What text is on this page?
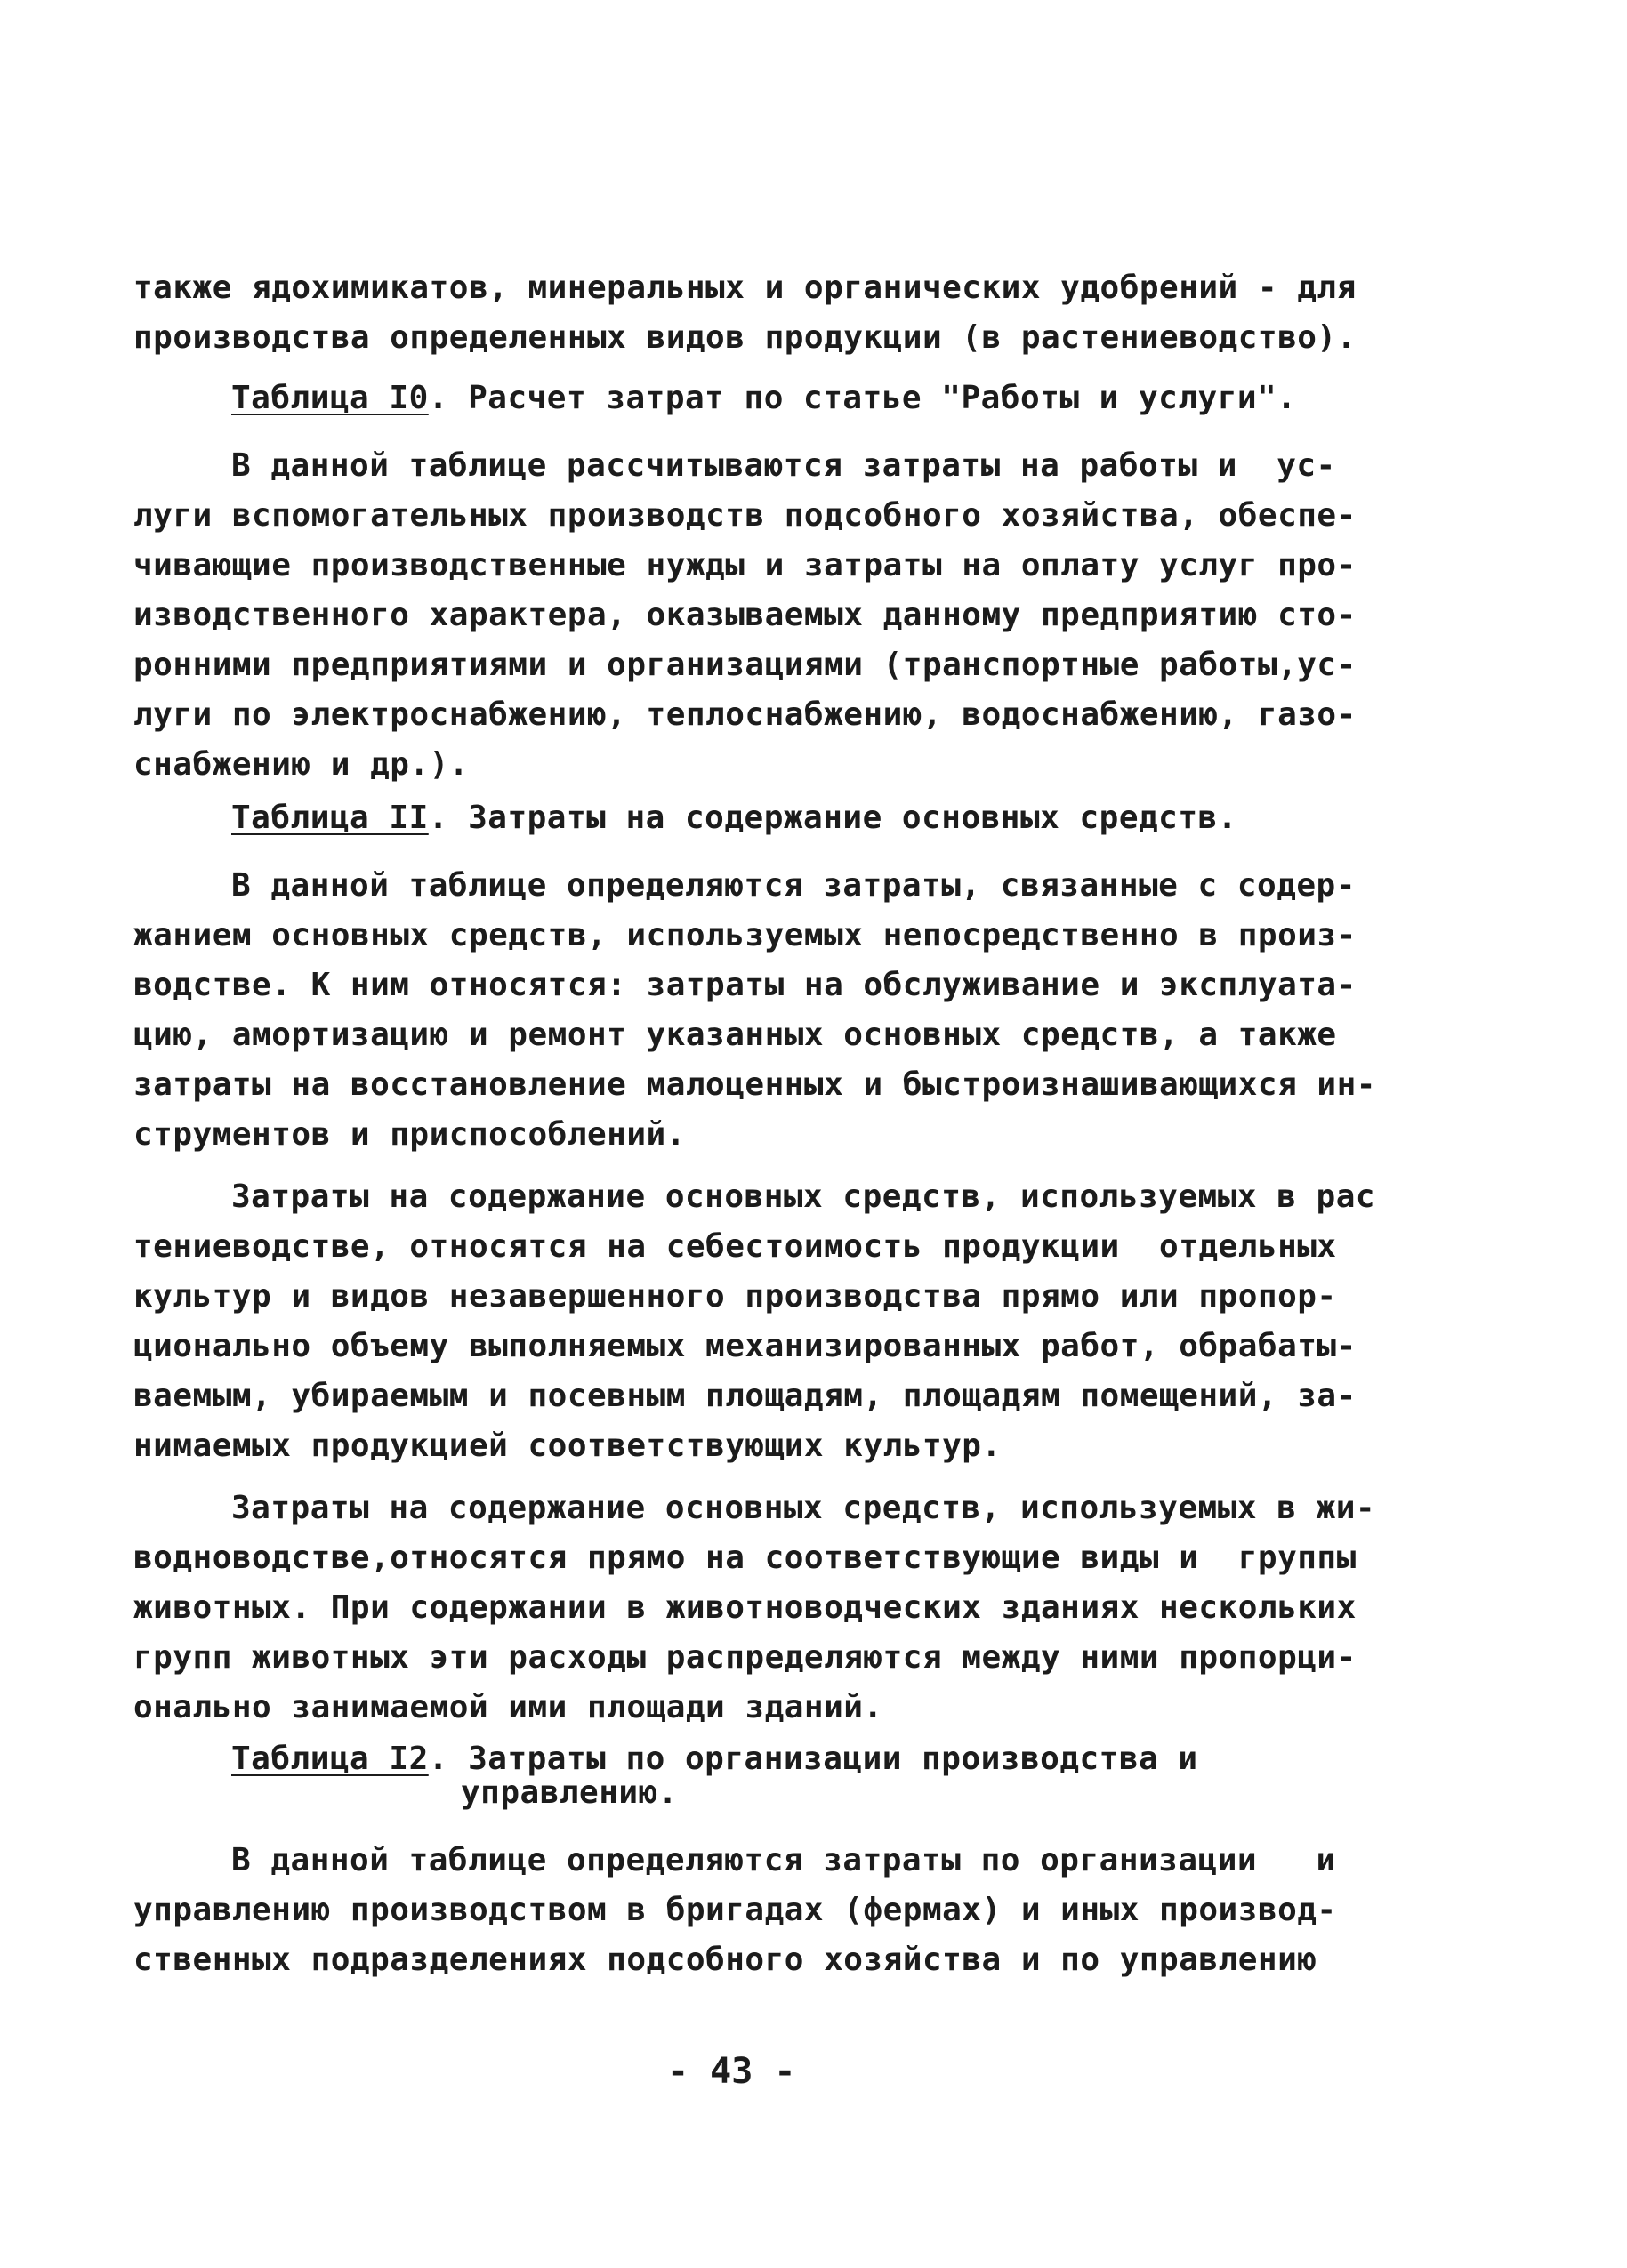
также ядохимикатов, минеральных и органических удобрений - для
производства определенных видов продукции (в растениеводство).
Таблица I0. Расчет затрат по статье "Работы и услуги".
В данной таблице рассчитываются затраты на работы и  ус-
луги вспомогательных производств подсобного хозяйства, обеспе-
чивающие производственные нужды и затраты на оплату услуг про-
изводственного характера, оказываемых данному предприятию сто-
ронними предприятиями и организациями (транспортные работы,ус-
луги по электроснабжению, теплоснабжению, водоснабжению, газо-
снабжению и др.).
Таблица II. Затраты на содержание основных средств.
В данной таблице определяются затраты, связанные с содер-
жанием основных средств, используемых непосредственно в произ-
водстве. К ним относятся: затраты на обслуживание и эксплуата-
цию, амортизацию и ремонт указанных основных средств, а также
затраты на восстановление малоценных и быстроизнашивающихся ин-
струментов и приспособлений.
Затраты на содержание основных средств, используемых в рас
тениеводстве, относятся на себестоимость продукции  отдельных
культур и видов незавершенного производства прямо или пропор-
ционально объему выполняемых механизированных работ, обрабаты-
ваемым, убираемым и посевным площадям, площадям помещений, за-
нимаемых продукцией соответствующих культур.
Затраты на содержание основных средств, используемых в жи-
водноводстве,относятся прямо на соответствующие виды и  группы
животных. При содержании в животноводческих зданиях нескольких
групп животных эти расходы распределяются между ними пропорци-
онально занимаемой ими площади зданий.
Таблица I2. Затраты по организации производства и
управлению.
В данной таблице определяются затраты по организации   и
управлению производством в бригадах (фермах) и иных производ-
ственных подразделениях подсобного хозяйства и по управлению
- 43 -
